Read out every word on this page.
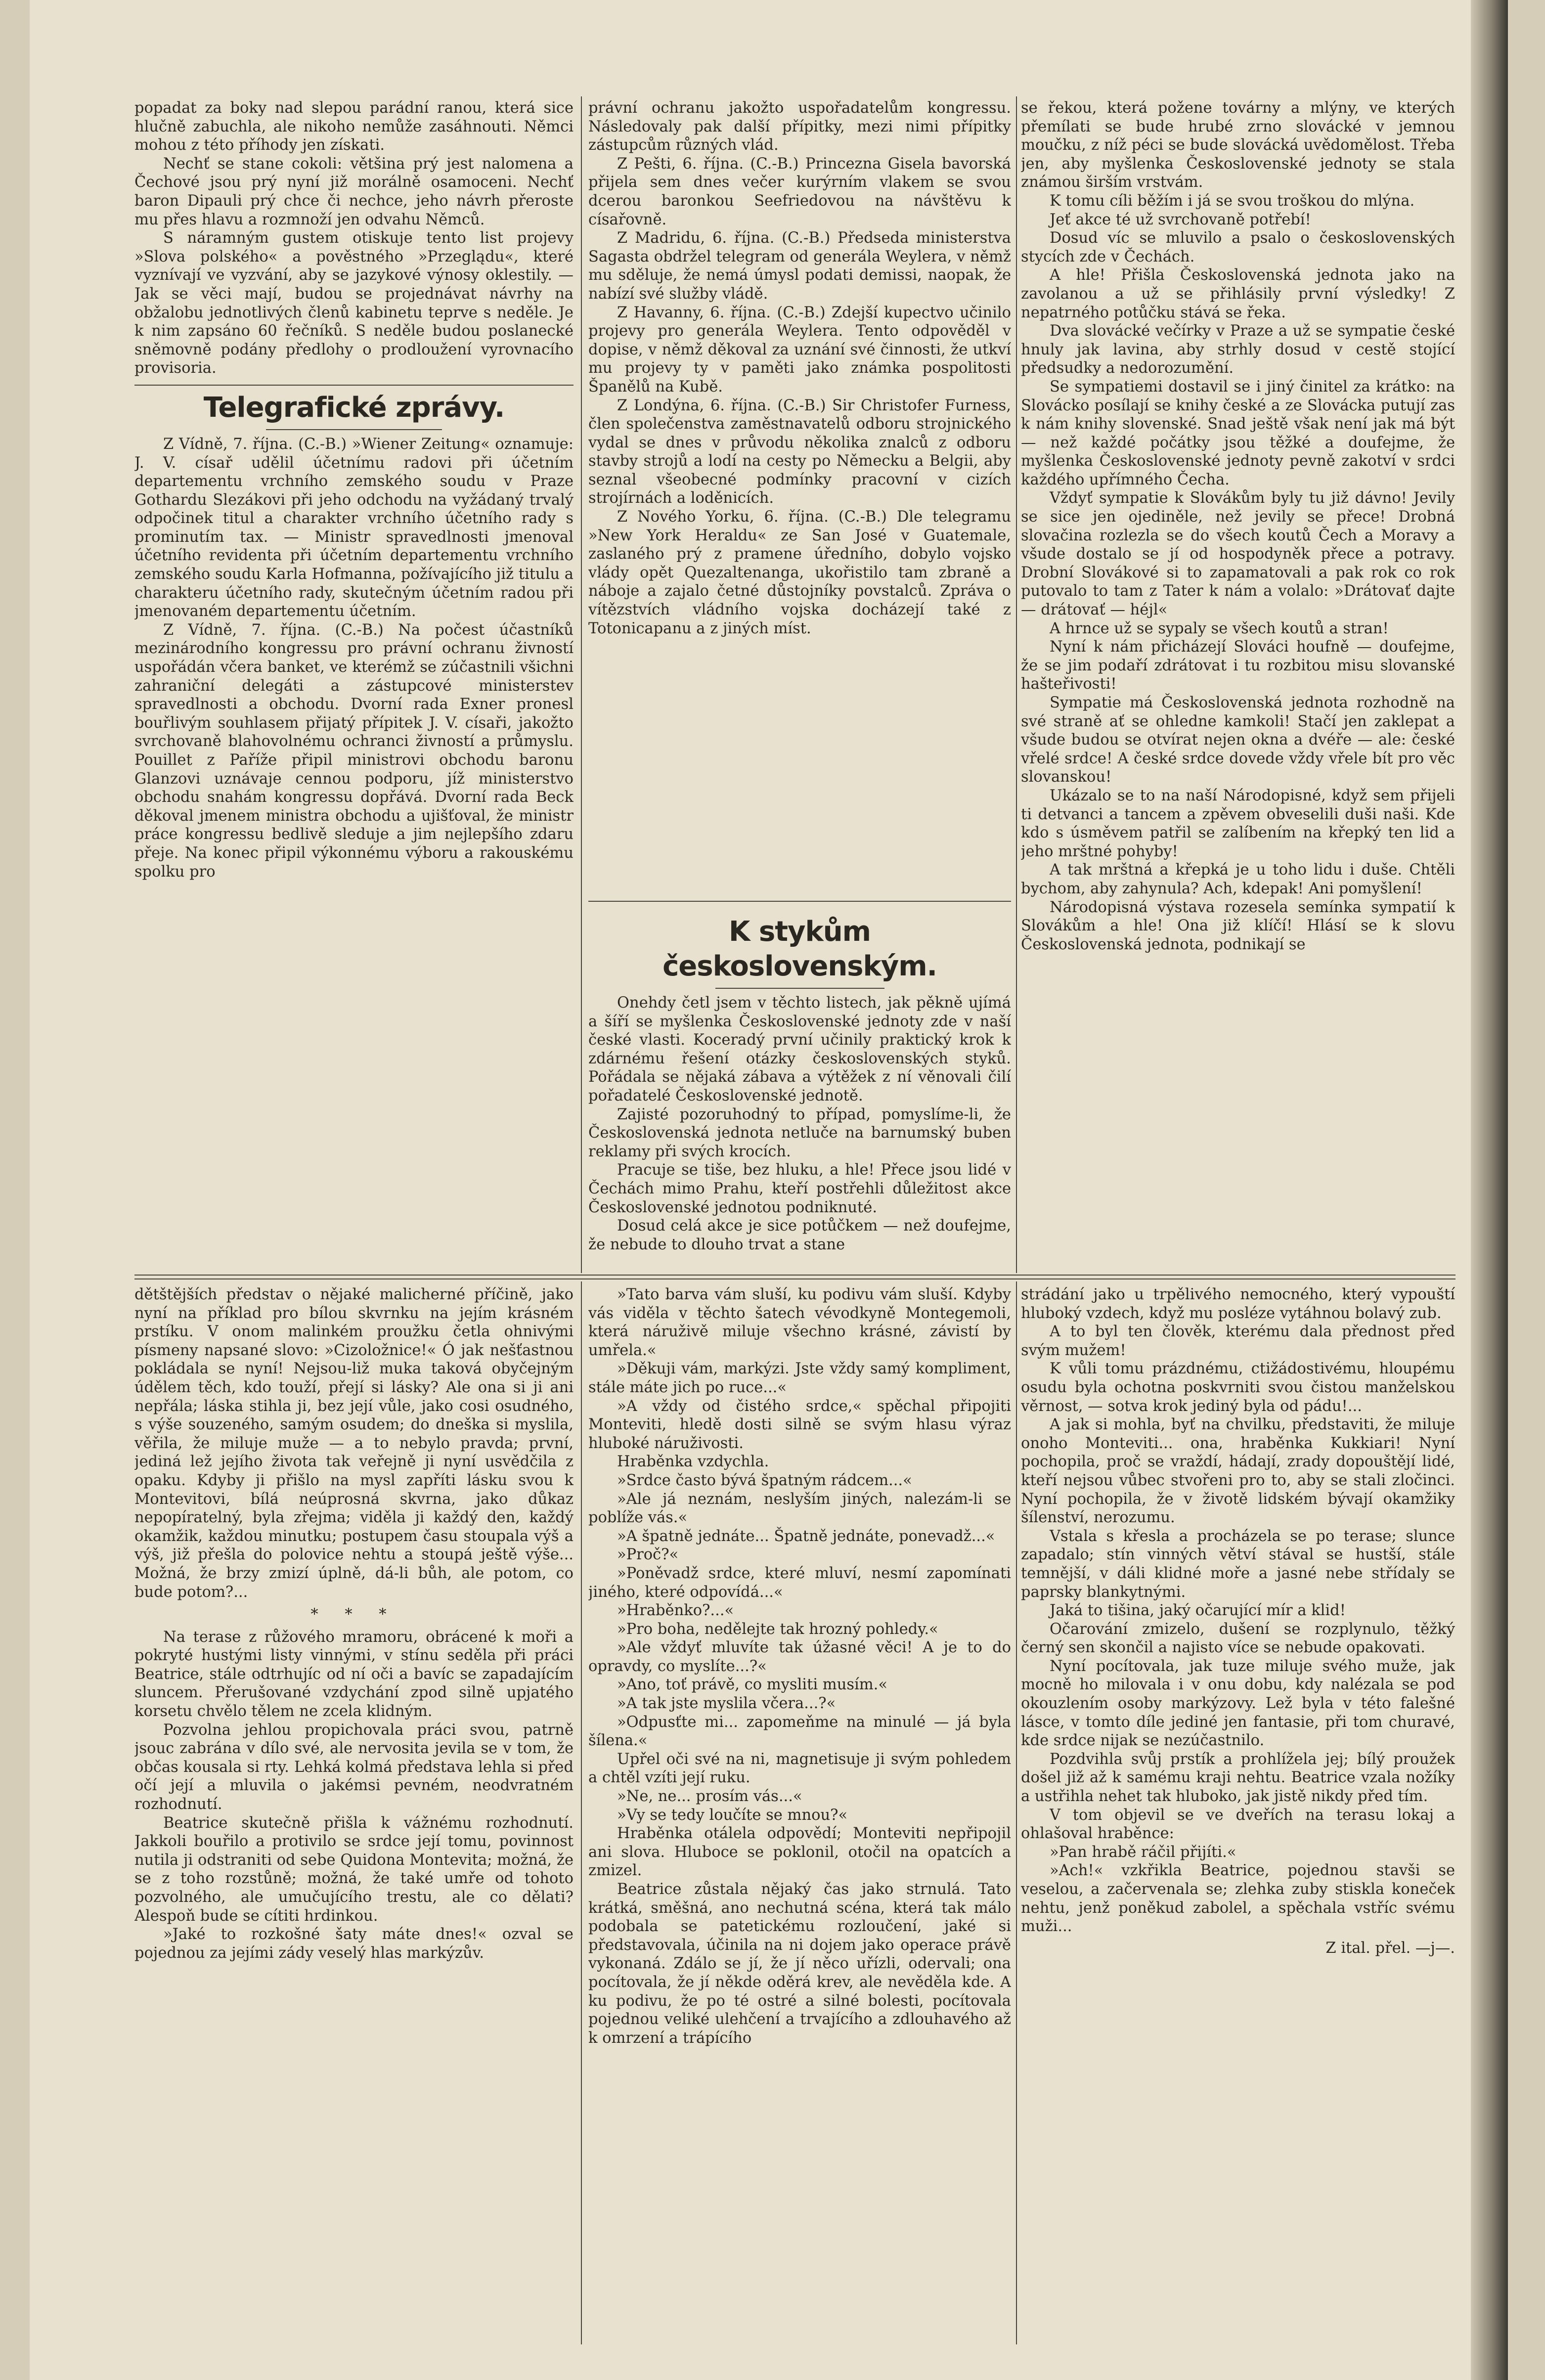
popadat za boky nad slepou parádní ranou, která sice hlučně zabuchla, ale nikoho nemůže zasáhnouti. Němci mohou z této příhody jen získati.

Nechť se stane cokoli: většina prý jest nalomena a Čechové jsou prý nyní již morálně osamoceni. Nechť baron Dipauli prý chce či nechce, jeho návrh přeroste mu přes hlavu a rozmnoží jen odvahu Němců.

S náramným gustem otiskuje tento list projevy »Slova polského« a pověstného »Przeglądu«, které vyznívají ve vyzvání, aby se jazykové výnosy oklestily. — Jak se věci mají, budou se projednávat návrhy na obžalobu jednotlivých členů kabinetu teprve s neděle. Je k nim zapsáno 60 řečníků. S neděle budou poslanecké sněmovně podány předlohy o prodloužení vyrovnacího provisoria.

Telegrafické zprávy.

Z Vídně, 7. října. (C.-B.) »Wiener Zeitung« oznamuje: J. V. císař udělil účetnímu radovi při účetním departementu vrchního zemského soudu v Praze Gothardu Slezákovi při jeho odchodu na vyžádaný trvalý odpočinek titul a charakter vrchního účetního rady s prominutím tax. — Ministr spravedlnosti jmenoval účetního revidenta při účetním departementu vrchního zemského soudu Karla Hofmanna, požívajícího již titulu a charakteru účetního rady, skutečným účetním radou při jmenovaném departementu účetním.

Z Vídně, 7. října. (C.-B.) Na počest účastníků mezinárodního kongressu pro právní ochranu živností uspořádán včera banket, ve kterémž se zúčastnili všichni zahraniční delegáti a zástupcové ministerstev spravedlnosti a obchodu. Dvorní rada Exner pronesl bouřlivým souhlasem přijatý přípitek J. V. císaři, jakožto svrchovaně blahovolnému ochranci živností a průmyslu. Pouillet z Paříže připil ministrovi obchodu baronu Glanzovi uznávaje cennou podporu, jíž ministerstvo obchodu snahám kongressu dopřává. Dvorní rada Beck děkoval jmenem ministra obchodu a ujišťoval, že ministr práce kongressu bedlivě sleduje a jim nejlepšího zdaru přeje. Na konec připil výkonnému výboru a rakouskému spolku pro

právní ochranu jakožto uspořadatelům kongressu. Následovaly pak další přípitky, mezi nimi přípitky zástupcům různých vlád.

Z Pešti, 6. října. (C.-B.) Princezna Gisela bavorská přijela sem dnes večer kurýrním vlakem se svou dcerou baronkou Seefriedovou na návštěvu k císařovně.

Z Madridu, 6. října. (C.-B.) Předseda ministerstva Sagasta obdržel telegram od generála Weylera, v němž mu sděluje, že nemá úmysl podati demissi, naopak, že nabízí své služby vládě.

Z Havanny, 6. října. (C.-B.) Zdejší kupectvo učinilo projevy pro generála Weylera. Tento odpověděl v dopise, v němž děkoval za uznání své činnosti, že utkví mu projevy ty v paměti jako známka pospolitosti Španělů na Kubě.

Z Londýna, 6. října. (C.-B.) Sir Christofer Furness, člen společenstva zaměstnavatelů odboru strojnického vydal se dnes v průvodu několika znalců z odboru stavby strojů a lodí na cesty po Německu a Belgii, aby seznal všeobecné podmínky pracovní v cizích strojírnách a loděnicích.

Z Nového Yorku, 6. října. (C.-B.) Dle telegramu »New York Heraldu« ze San José v Guatemale, zaslaného prý z pramene úředního, dobylo vojsko vlády opět Quezaltenanga, ukořistilo tam zbraně a náboje a zajalo četné důstojníky povstalců. Zpráva o vítězstvích vládního vojska docházejí také z Totonicapanu a z jiných míst.

K stykům československým.

Onehdy četl jsem v těchto listech, jak pěkně ujímá a šíří se myšlenka Československé jednoty zde v naší české vlasti. Koceradý první učinily praktický krok k zdárnému řešení otázky československých styků. Pořádala se nějaká zábava a výtěžek z ní věnovali čilí pořadatelé Československé jednotě.

Zajisté pozoruhodný to případ, pomyslíme-li, že Československá jednota netluče na barnumský buben reklamy při svých krocích.

Pracuje se tiše, bez hluku, a hle! Přece jsou lidé v Čechách mimo Prahu, kteří postřehli důležitost akce Československé jednotou podniknuté.

Dosud celá akce je sice potůčkem — než doufejme, že nebude to dlouho trvat a stane

se řekou, která požene továrny a mlýny, ve kterých přemílati se bude hrubé zrno slovácké v jemnou moučku, z níž péci se bude slovácká uvědomělost. Třeba jen, aby myšlenka Československé jednoty se stala známou širším vrstvám.

K tomu cíli běžím i já se svou troškou do mlýna.

Jeť akce té už svrchovaně potřebí!

Dosud víc se mluvilo a psalo o československých stycích zde v Čechách.

A hle! Přišla Československá jednota jako na zavolanou a už se přihlásily první výsledky! Z nepatrného potůčku stává se řeka.

Dva slovácké večírky v Praze a už se sympatie české hnuly jak lavina, aby strhly dosud v cestě stojící předsudky a nedorozumění.

Se sympatiemi dostavil se i jiný činitel za krátko: na Slovácko posílají se knihy české a ze Slovácka putují zas k nám knihy slovenské. Snad ještě však není jak má být — než každé počátky jsou těžké a doufejme, že myšlenka Československé jednoty pevně zakotví v srdci každého upřímného Čecha.

Vždyť sympatie k Slovákům byly tu již dávno! Jevily se sice jen ojediněle, než jevily se přece! Drobná slovačina rozlezla se do všech koutů Čech a Moravy a všude dostalo se jí od hospodyněk přece a potravy. Drobní Slovákové si to zapamatovali a pak rok co rok putovalo to tam z Tater k nám a volalo: »Drátovať dajte — drátovať — héjl«

A hrnce už se sypaly se všech koutů a stran!

Nyní k nám přicházejí Slováci houfně — doufejme, že se jim podaří zdrátovat i tu rozbitou misu slovanské hašteřivosti!

Sympatie má Československá jednota rozhodně na své straně ať se ohledne kamkoli! Stačí jen zaklepat a všude budou se otvírat nejen okna a dvéře — ale: české vřelé srdce! A české srdce dovede vždy vřele bít pro věc slovanskou!

Ukázalo se to na naší Národopisné, když sem přijeli ti detvanci a tancem a zpěvem obveselili duši naši. Kde kdo s úsměvem patřil se zalíbením na křepký ten lid a jeho mrštné pohyby!

A tak mrštná a křepká je u toho lidu i duše. Chtěli bychom, aby zahynula? Ach, kdepak! Ani pomyšlení!

Národopisná výstava rozesela semínka sympatií k Slovákům a hle! Ona již klíčí! Hlásí se k slovu Československá jednota, podnikají se

dětštějších představ o nějaké malicherné příčině, jako nyní na příklad pro bílou skvrnku na jejím krásném prstíku. V onom malinkém proužku četla ohnivými písmeny napsané slovo: »Cizoložnice!« Ó jak nešťastnou pokládala se nyní! Nejsou-liž muka taková obyčejným údělem těch, kdo touží, přejí si lásky? Ale ona si ji ani nepřála; láska stihla ji, bez její vůle, jako cosi osudného, s výše souzeného, samým osudem; do dneška si myslila, věřila, že miluje muže — a to nebylo pravda; první, jediná lež jejího života tak veřejně ji nyní usvědčila z opaku. Kdyby ji přišlo na mysl zapříti lásku svou k Montevitovi, bílá neúprosná skvrna, jako důkaz nepopíratelný, byla zřejma; viděla ji každý den, každý okamžik, každou minutku; postupem času stoupala výš a výš, již přešla do polovice nehtu a stoupá ještě výše... Možná, že brzy zmizí úplně, dá-li bůh, ale potom, co bude potom?...

* * *

Na terase z růžového mramoru, obrácené k moři a pokryté hustými listy vinnými, v stínu seděla při práci Beatrice, stále odtrhujíc od ní oči a bavíc se zapadajícím sluncem. Přerušované vzdychání zpod silně upjatého korsetu chvělo tělem ne zcela klidným.

Pozvolna jehlou propichovala práci svou, patrně jsouc zabrána v dílo své, ale nervosita jevila se v tom, že občas kousala si rty. Lehká kolmá představa lehla si před očí její a mluvila o jakémsi pevném, neodvratném rozhodnutí.

Beatrice skutečně přišla k vážnému rozhodnutí. Jakkoli bouřilo a protivilo se srdce její tomu, povinnost nutila ji odstraniti od sebe Quidona Montevita; možná, že se z toho rozstůně; možná, že také umře od tohoto pozvolného, ale umučujícího trestu, ale co dělati? Alespoň bude se cítiti hrdinkou.

»Jaké to rozkošné šaty máte dnes!« ozval se pojednou za jejími zády veselý hlas markýzův.

»Tato barva vám sluší, ku podivu vám sluší. Kdyby vás viděla v těchto šatech vévodkyně Montegemoli, která náruživě miluje všechno krásné, závistí by umřela.«

»Děkuji vám, markýzi. Jste vždy samý kompliment, stále máte jich po ruce...«

»A vždy od čistého srdce,« spěchal připojiti Monteviti, hledě dosti silně se svým hlasu výraz hluboké náruživosti.

Hraběnka vzdychla.

»Srdce často bývá špatným rádcem...«

»Ale já neznám, neslyším jiných, nalezám-li se poblíže vás.«

»A špatně jednáte... Špatně jednáte, ponevadž...«

»Proč?«

»Poněvadž srdce, které mluví, nesmí zapomínati jiného, které odpovídá...«

»Hraběnko?...«

»Pro boha, nedělejte tak hrozný pohledy.«

»Ale vždyť mluvíte tak úžasné věci! A je to do opravdy, co myslíte...?«

»Ano, toť právě, co mysliti musím.«

»A tak jste myslila včera...?«

»Odpusťte mi... zapomeňme na minulé — já byla šílena.«

Upřel oči své na ni, magnetisuje ji svým pohledem a chtěl vzíti její ruku.

»Ne, ne... prosím vás...«

»Vy se tedy loučíte se mnou?«

Hraběnka otálela odpovědí; Monteviti nepřipojil ani slova. Hluboce se poklonil, otočil na opatcích a zmizel.

Beatrice zůstala nějaký čas jako strnulá. Tato krátká, směšná, ano nechutná scéna, která tak málo podobala se patetickému rozloučení, jaké si představovala, účinila na ni dojem jako operace právě vykonaná. Zdálo se jí, že jí něco uřízli, odervali; ona pocítovala, že jí někde oděrá krev, ale nevěděla kde. A ku podivu, že po té ostré a silné bolesti, pocítovala pojednou veliké ulehčení a trvajícího a zdlouhavého až k omrzení a trápícího

strádání jako u trpělivého nemocného, který vypouští hluboký vzdech, když mu posléze vytáhnou bolavý zub.

A to byl ten člověk, kterému dala přednost před svým mužem!

K vůli tomu prázdnému, ctižádostivému, hloupému osudu byla ochotna poskvrniti svou čistou manželskou věrnost, — sotva krok jediný byla od pádu!...

A jak si mohla, byť na chvilku, představiti, že miluje onoho Monteviti... ona, hraběnka Kukkiari! Nyní pochopila, proč se vraždí, hádají, zrady dopouštějí lidé, kteří nejsou vůbec stvořeni pro to, aby se stali zločinci. Nyní pochopila, že v životě lidském bývají okamžiky šílenství, nerozumu.

Vstala s křesla a procházela se po terase; slunce zapadalo; stín vinných větví stával se hustší, stále temnější, v dáli klidné moře a jasné nebe střídaly se paprsky blankytnými.

Jaká to tišina, jaký očarující mír a klid!

Očarování zmizelo, dušení se rozplynulo, těžký černý sen skončil a najisto více se nebude opakovati.

Nyní pocítovala, jak tuze miluje svého muže, jak mocně ho milovala i v onu dobu, kdy nalézala se pod okouzlením osoby markýzovy. Lež byla v této falešné lásce, v tomto díle jediné jen fantasie, při tom churavé, kde srdce nijak se nezúčastnilo.

Pozdvihla svůj prstík a prohlížela jej; bílý proužek došel již až k samému kraji nehtu. Beatrice vzala nožíky a ustřihla nehet tak hluboko, jak jistě nikdy před tím.

V tom objevil se ve dveřích na terasu lokaj a ohlašoval hraběnce:

»Pan hrabě ráčil přijíti.«

»Ach!« vzkřikla Beatrice, pojednou stavši se veselou, a začervenala se; zlehka zuby stiskla koneček nehtu, jenž poněkud zabolel, a spěchala vstříc svému muži...

Z ital. přel. —j—.
